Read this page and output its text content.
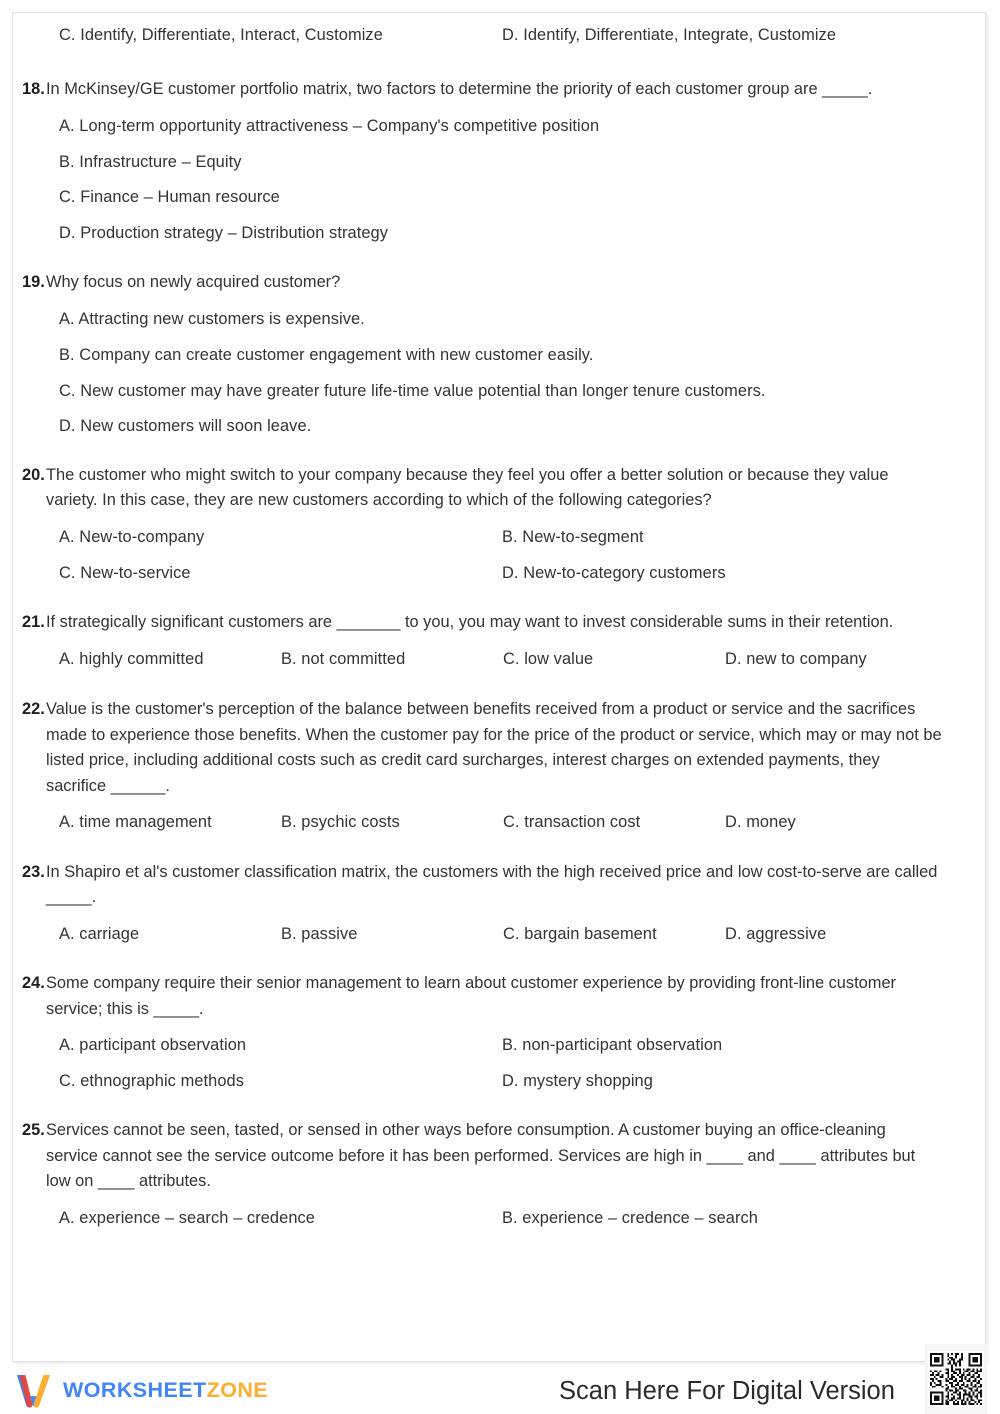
C. Identify, Differentiate, Interact, Customize	D. Identify, Differentiate, Integrate, Customize
18. In McKinsey/GE customer portfolio matrix, two factors to determine the priority of each customer group are _____.
A. Long-term opportunity attractiveness – Company's competitive position
B. Infrastructure – Equity
C. Finance – Human resource
D. Production strategy – Distribution strategy
19. Why focus on newly acquired customer?
A. Attracting new customers is expensive.
B. Company can create customer engagement with new customer easily.
C. New customer may have greater future life-time value potential than longer tenure customers.
D. New customers will soon leave.
20. The customer who might switch to your company because they feel you offer a better solution or because they value variety. In this case, they are new customers according to which of the following categories?
A. New-to-company	B. New-to-segment
C. New-to-service	D. New-to-category customers
21. If strategically significant customers are _______ to you, you may want to invest considerable sums in their retention.
A. highly committed	B. not committed	C. low value	D. new to company
22. Value is the customer's perception of the balance between benefits received from a product or service and the sacrifices made to experience those benefits. When the customer pay for the price of the product or service, which may or may not be listed price, including additional costs such as credit card surcharges, interest charges on extended payments, they sacrifice ______.
A. time management	B. psychic costs	C. transaction cost	D. money
23. In Shapiro et al's customer classification matrix, the customers with the high received price and low cost-to-serve are called _____.
A. carriage	B. passive	C. bargain basement	D. aggressive
24. Some company require their senior management to learn about customer experience by providing front-line customer service; this is _____.
A. participant observation	B. non-participant observation
C. ethnographic methods	D. mystery shopping
25. Services cannot be seen, tasted, or sensed in other ways before consumption. A customer buying an office-cleaning service cannot see the service outcome before it has been performed. Services are high in ____ and ____ attributes but low on ____ attributes.
A. experience – search – credence	B. experience – credence – search
WORKSHEETZONE	Scan Here For Digital Version
